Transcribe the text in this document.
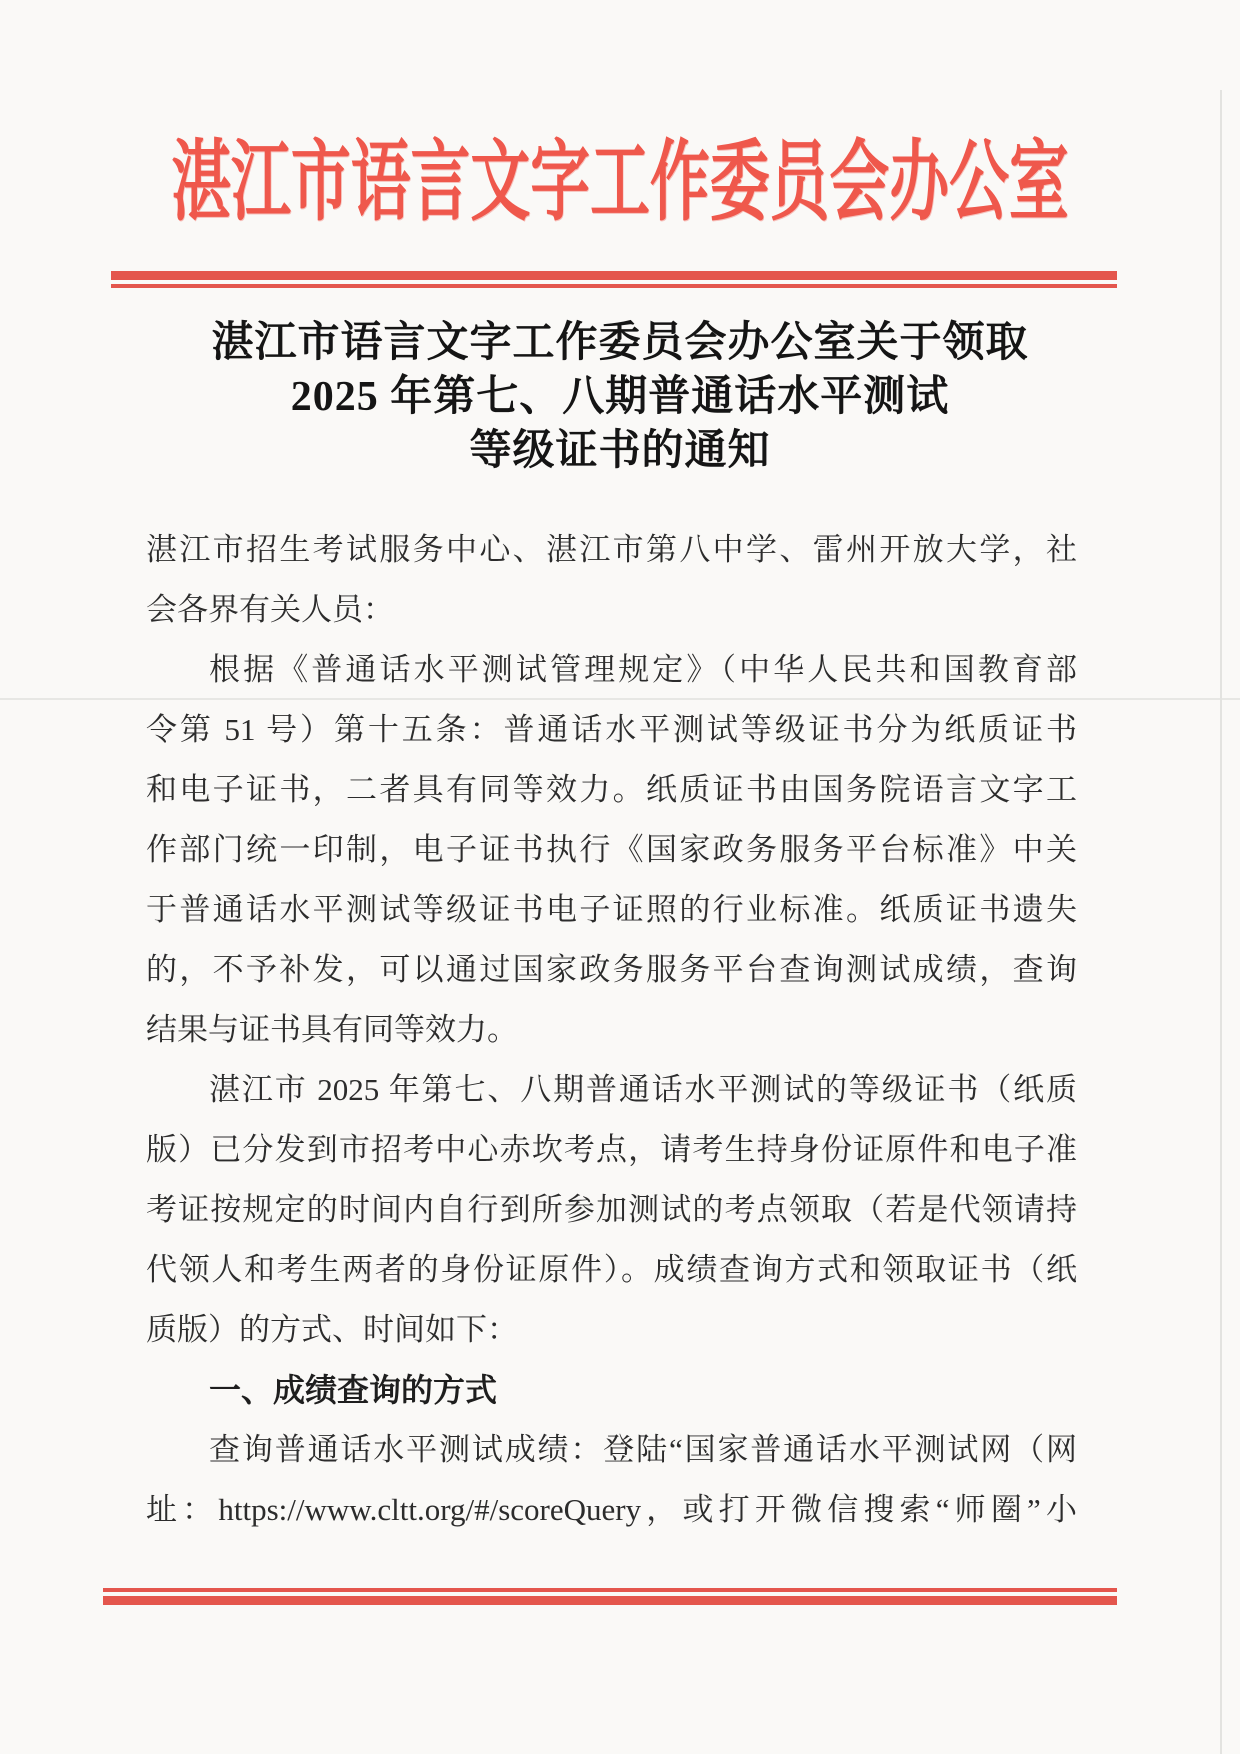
湛江市语言文字工作委员会办公室
湛江市语言文字工作委员会办公室关于领取
2025 年第七、八期普通话水平测试
等级证书的通知
湛江市招生考试服务中心、湛江市第八中学、雷州开放大学，社
会各界有关人员：
根据《普通话水平测试管理规定》（中华人民共和国教育部
令第 51 号）第十五条：普通话水平测试等级证书分为纸质证书
和电子证书，二者具有同等效力。纸质证书由国务院语言文字工
作部门统一印制，电子证书执行《国家政务服务平台标准》中关
于普通话水平测试等级证书电子证照的行业标准。纸质证书遗失
的，不予补发，可以通过国家政务服务平台查询测试成绩，查询
结果与证书具有同等效力。
湛江市 2025 年第七、八期普通话水平测试的等级证书（纸质
版）已分发到市招考中心赤坎考点，请考生持身份证原件和电子准
考证按规定的时间内自行到所参加测试的考点领取（若是代领请持
代领人和考生两者的身份证原件）。成绩查询方式和领取证书（纸
质版）的方式、时间如下：
一、成绩查询的方式
查询普通话水平测试成绩：登陆“国家普通话水平测试网（网
址：https://www.cltt.org/#/scoreQuery，或打开微信搜索“师圈”小
